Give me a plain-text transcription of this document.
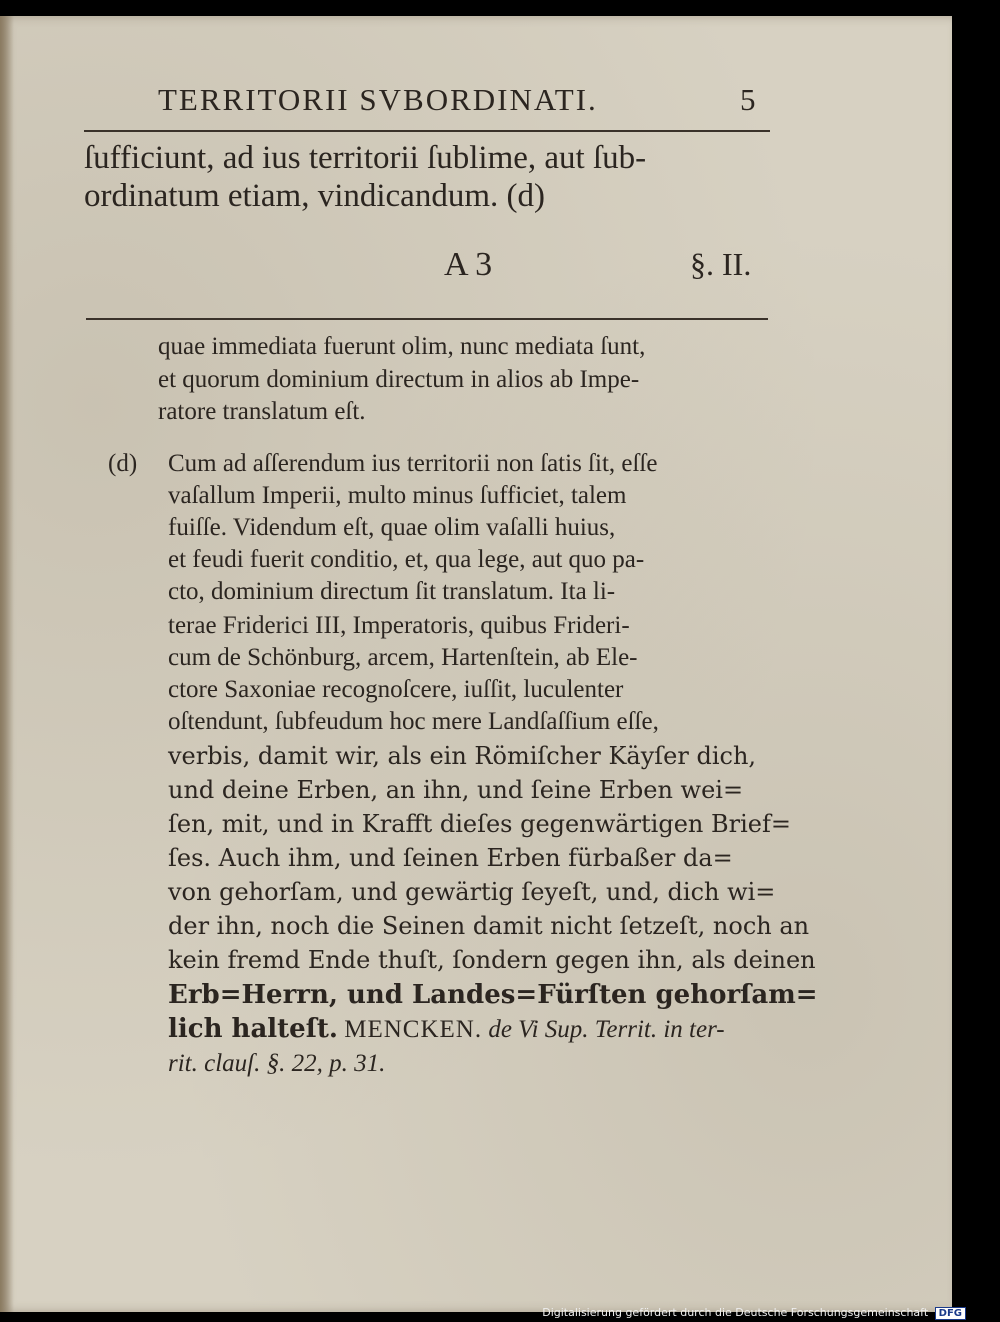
TERRITORII SVBORDINATI.	5
ſufficiunt, ad ius territorii ſublime, aut ſub-
ordinatum etiam, vindicandum. (d)
A 3	§. II.
quae immediata fuerunt olim, nunc mediata ſunt,
et quorum dominium directum in alios ab Impe-
ratore translatum eſt.
(d) Cum ad aſſerendum ius territorii non ſatis ſit, eſſe
vaſallum Imperii, multo minus ſufficiet, talem
fuiſſe. Videndum eſt, quae olim vaſalli huius,
et feudi fuerit conditio, et, qua lege, aut quo pa-
cto, dominium directum ſit translatum. Ita li-
terae Friderici III, Imperatoris, quibus Frideri-
cum de Schönburg, arcem, Hartenſtein, ab Ele-
ctore Saxoniae recognoſcere, iuſſit, luculenter
oſtendunt, ſubfeudum hoc mere Landſaſſium eſſe,
verbis, damit wir, als ein Römiſcher Käyſer dich,
und deine Erben, an ihn, und ſeine Erben wei=
ſen, mit, und in Krafft dieſes gegenwärtigen Brief=
ſes. Auch ihm, und ſeinen Erben fürbaßer da=
von gehorſam, und gewärtig ſeyeſt, und, dich wi=
der ihn, noch die Seinen damit nicht ſetzeſt, noch an
kein fremd Ende thuſt, ſondern gegen ihn, als deinen
Erb=Herrn, und Landes=Fürſten gehorſam=
lich halteſt. MENCKEN. de Vi Sup. Territ. in ter-
rit. clauſ. §. 22, p. 31.
Digitalisierung gefördert durch die Deutsche Forschungsgemeinschaft DFG
